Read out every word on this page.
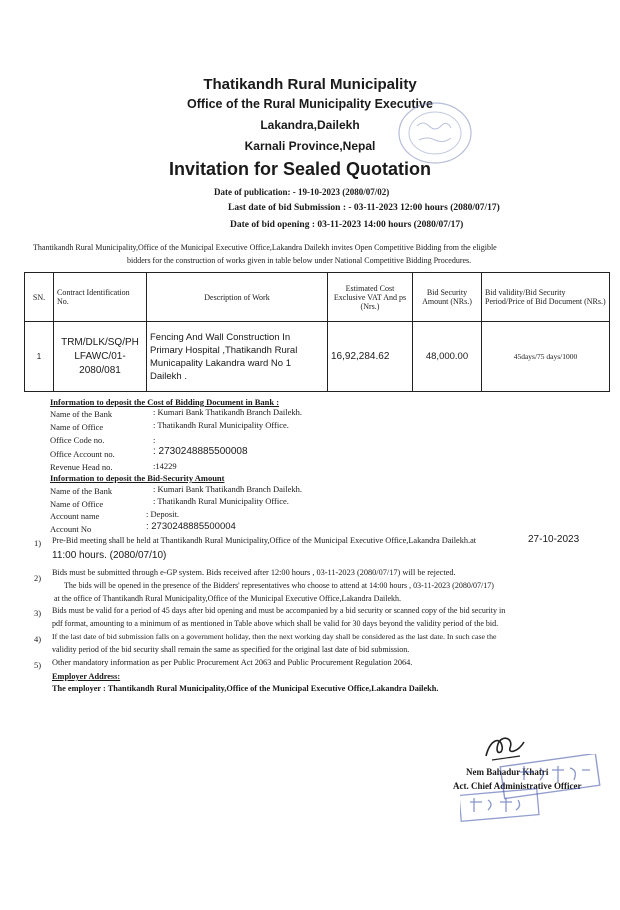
Thatikandh Rural Municipality
Office of the Rural Municipality Executive
Lakandra,Dailekh
Karnali Province,Nepal
Invitation for Sealed Quotation
Date of publication: - 19-10-2023 (2080/07/02)
Last date of bid Submission : - 03-11-2023 12:00 hours (2080/07/17)
Date of bid opening : 03-11-2023 14:00 hours (2080/07/17)
Thantikandh Rural Municipality,Office of the Municipal Executive Office,Lakandra Dailekh invites Open Competitive Bidding from the eligible
bidders for the construction of works given in table below under National Competitive Bidding Procedures.
SN.	Contract Identification No.	Description of Work	Estimated Cost Exclusive VAT And ps (Nrs.)	Bid Security Amount (NRs.)	Bid validity/Bid Security Period/Price of Bid Document (NRs.)
1	TRM/DLK/SQ/PH LFAWC/01-2080/081	Fencing And Wall Construction In Primary Hospital ,Thatikandh Rural Municapality Lakandra ward No 1 Dailekh .	16,92,284.62	48,000.00	45days/75 days/1000
Information to deposit the Cost of Bidding Document in Bank :
Name of the Bank	: Kumari Bank Thatikandh Branch Dailekh.
Name of Office	: Thatikandh Rural Municipality Office.
Office Code no.	:
Office Account no.	: 2730248885500008
Revenue Head no.	:14229
Information to deposit the Bid-Security Amount
Name of the Bank	: Kumari Bank Thatikandh Branch Dailekh.
Name of Office	: Thatikandh Rural Municipality Office.
Account name	: Deposit.
Account No	: 2730248885500004
1) Pre-Bid meeting shall be held at Thantikandh Rural Municipality,Office of the Municipal Executive Office,Lakandra Dailekh.at	27-10-2023
11:00 hours. (2080/07/10)
2)
Bids must be submitted through e-GP system. Bids received after 12:00 hours , 03-11-2023 (2080/07/17) will be rejected.
The bids will be opened in the presence of the Bidders' representatives who choose to attend at 14:00 hours , 03-11-2023 (2080/07/17)
at the office of Thantikandh Rural Municipality,Office of the Municipal Executive Office,Lakandra Dailekh.
3) Bids must be valid for a period of 45 days after bid opening and must be accompanied by a bid security or scanned copy of the bid security in
pdf format, amounting to a minimum of as mentioned in Table above which shall be valid for 30 days beyond the validity period of the bid.
4) If the last date of bid submission falls on a government holiday, then the next working day shall be considered as the last date. In such case the
validity period of the bid security shall remain the same as specified for the original last date of bid submission.
5) Other mandatory information as per Public Procurement Act 2063 and Public Procurement Regulation 2064.
Employer Address:
The employer : Thantikandh Rural Municipality,Office of the Municipal Executive Office,Lakandra Dailekh.
Nem Bahadur Khatri
Act. Chief Administrative Officer
